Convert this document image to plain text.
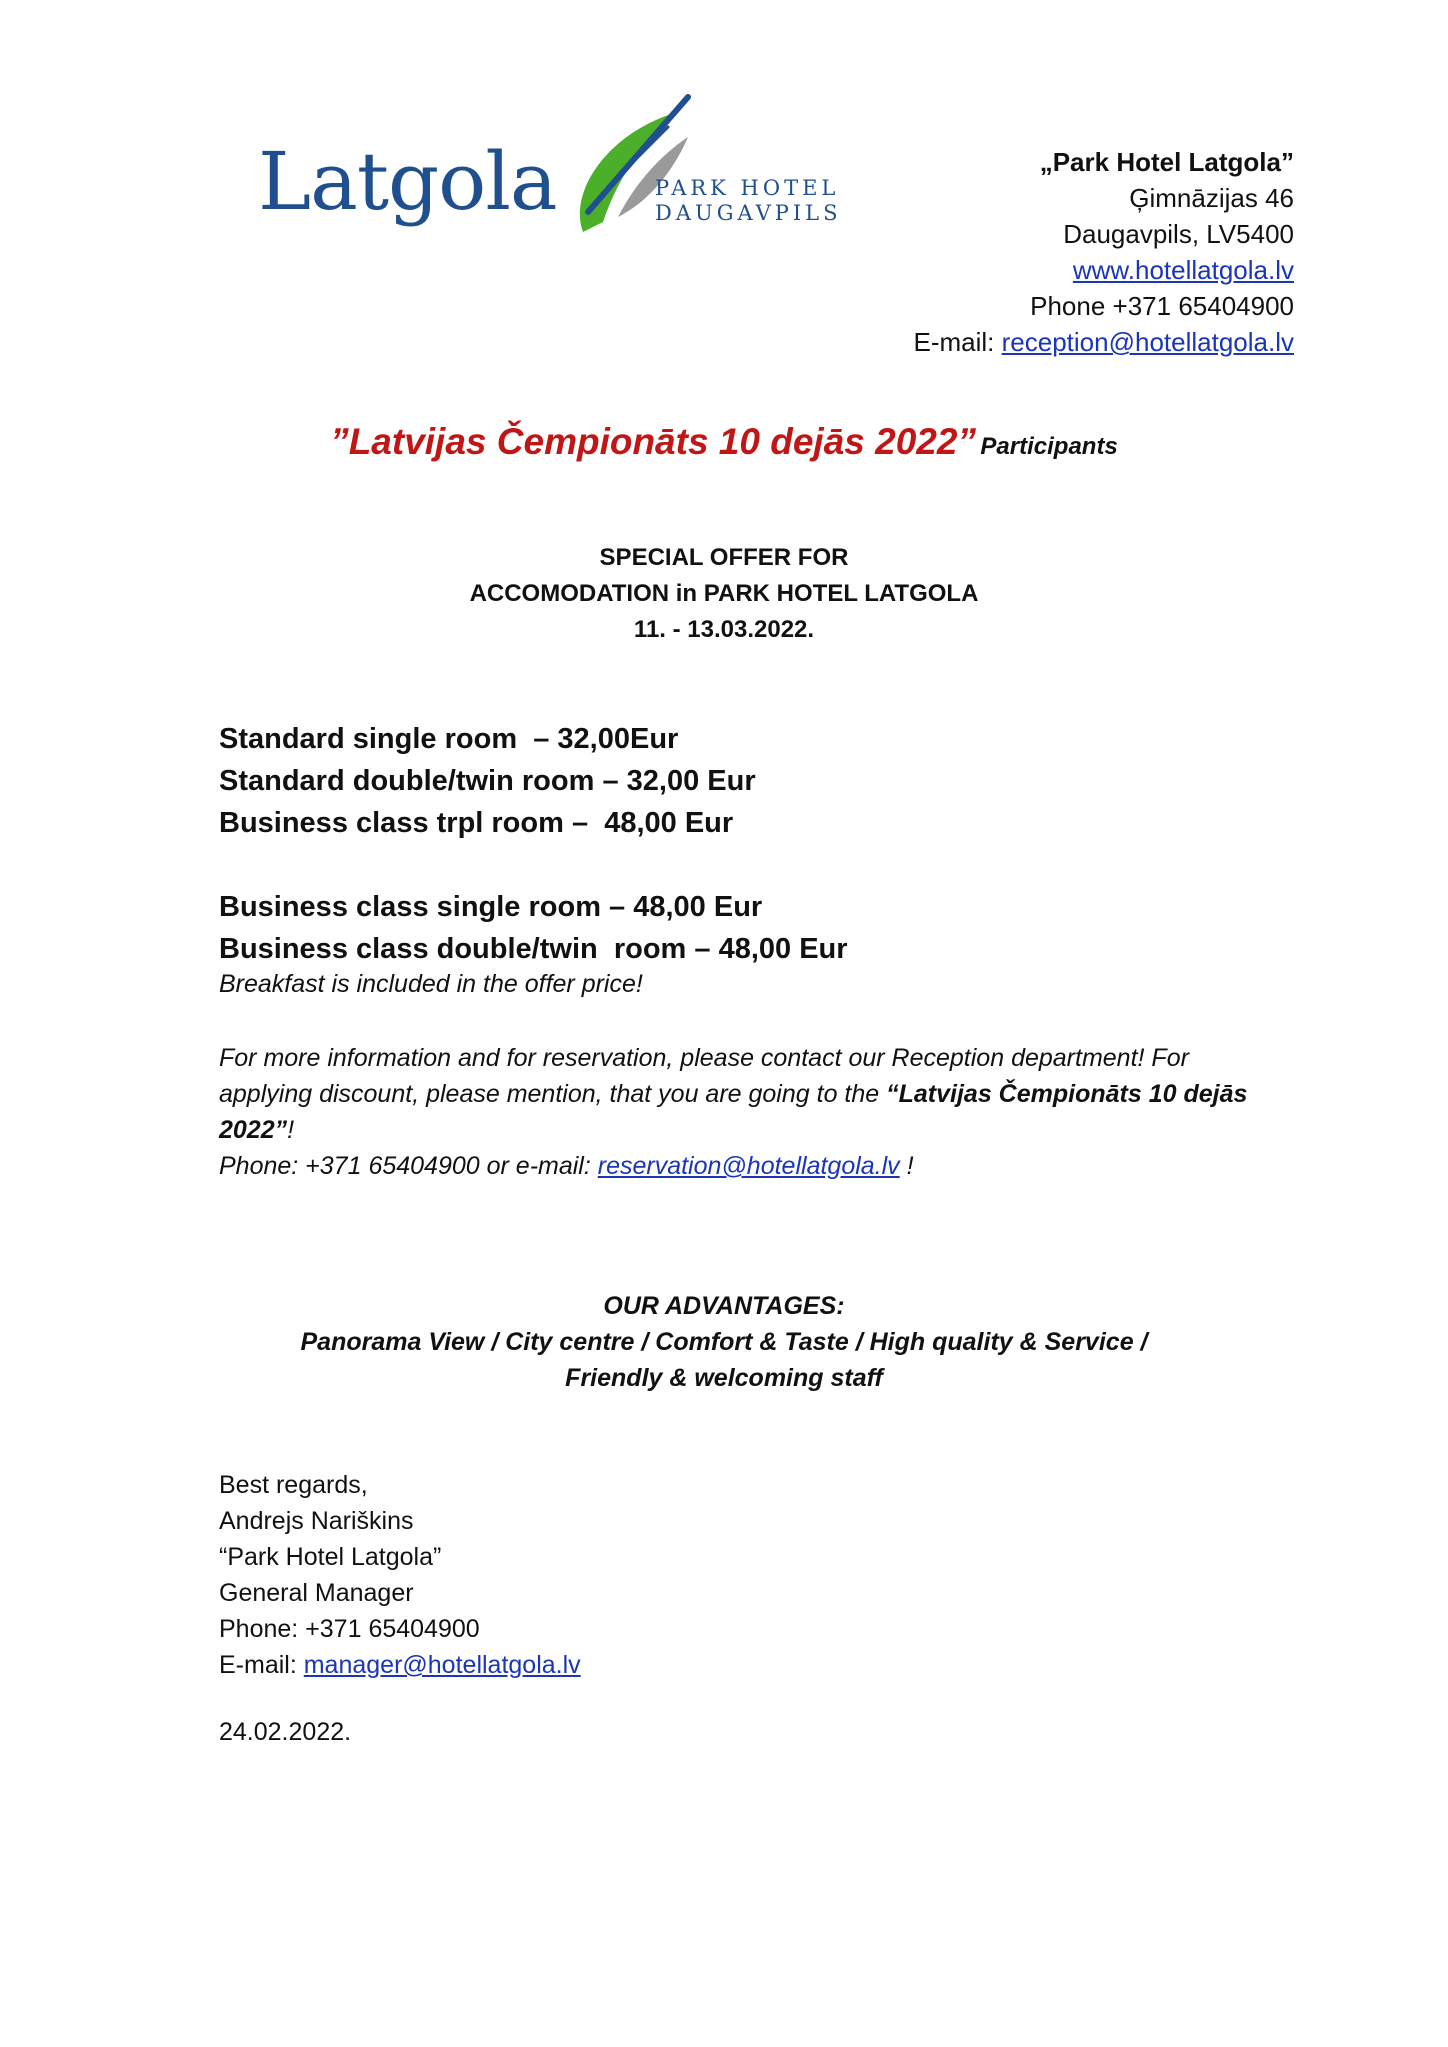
Latgola	PARK HOTEL
DAUGAVPILS
„Park Hotel Latgola”
Ģimnāzijas 46
Daugavpils, LV5400
www.hotellatgola.lv
Phone +371 65404900
E-mail: reception@hotellatgola.lv
”Latvijas Čempionāts 10 dejās 2022” Participants
SPECIAL OFFER FOR
ACCOMODATION in PARK HOTEL LATGOLA
11. - 13.03.2022.
Standard single room  – 32,00Eur
Standard double/twin room – 32,00 Eur
Business class trpl room –  48,00 Eur
Business class single room – 48,00 Eur
Business class double/twin  room – 48,00 Eur
Breakfast is included in the offer price!
For more information and for reservation, please contact our Reception department! For applying discount, please mention, that you are going to the “Latvijas Čempionāts 10 dejās 2022”!
Phone: +371 65404900 or e-mail: reservation@hotellatgola.lv !
OUR ADVANTAGES:
Panorama View / City centre / Comfort & Taste / High quality & Service /
Friendly & welcoming staff
Best regards,
Andrejs Nariškins
“Park Hotel Latgola”
General Manager
Phone: +371 65404900
E-mail: manager@hotellatgola.lv
24.02.2022.
